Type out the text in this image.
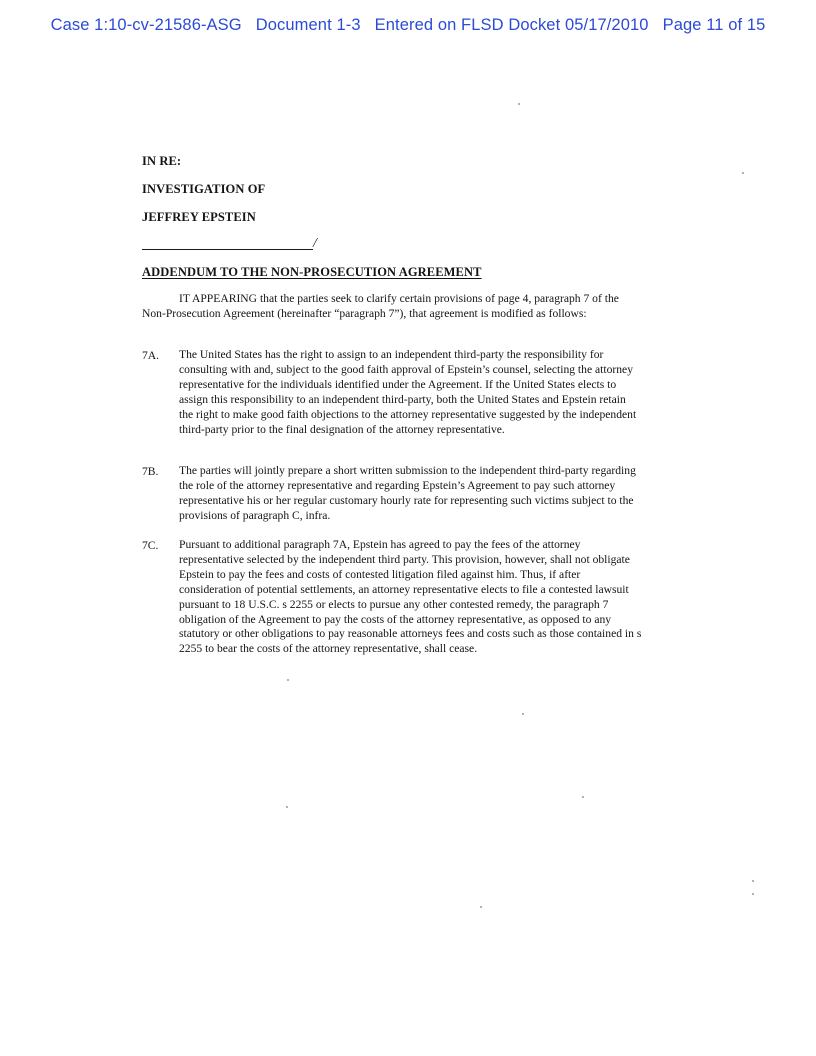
Case 1:10-cv-21586-ASG   Document 1-3   Entered on FLSD Docket 05/17/2010   Page 11 of 15
IN RE:
INVESTIGATION OF
JEFFREY EPSTEIN
/
ADDENDUM TO THE NON-PROSECUTION AGREEMENT
IT APPEARING that the parties seek to clarify certain provisions of page 4, paragraph 7 of the Non-Prosecution Agreement (hereinafter “paragraph 7”), that agreement is modified as follows:
7A. The United States has the right to assign to an independent third-party the responsibility for consulting with and, subject to the good faith approval of Epstein’s counsel, selecting the attorney representative for the individuals identified under the Agreement. If the United States elects to assign this responsibility to an independent third-party, both the United States and Epstein retain the right to make good faith objections to the attorney representative suggested by the independent third-party prior to the final designation of the attorney representative.
7B. The parties will jointly prepare a short written submission to the independent third-party regarding the role of the attorney representative and regarding Epstein’s Agreement to pay such attorney representative his or her regular customary hourly rate for representing such victims subject to the provisions of paragraph C, infra.
7C. Pursuant to additional paragraph 7A, Epstein has agreed to pay the fees of the attorney representative selected by the independent third party. This provision, however, shall not obligate Epstein to pay the fees and costs of contested litigation filed against him. Thus, if after consideration of potential settlements, an attorney representative elects to file a contested lawsuit pursuant to 18 U.S.C. s 2255 or elects to pursue any other contested remedy, the paragraph 7 obligation of the Agreement to pay the costs of the attorney representative, as opposed to any statutory or other obligations to pay reasonable attorneys fees and costs such as those contained in s 2255 to bear the costs of the attorney representative, shall cease.
